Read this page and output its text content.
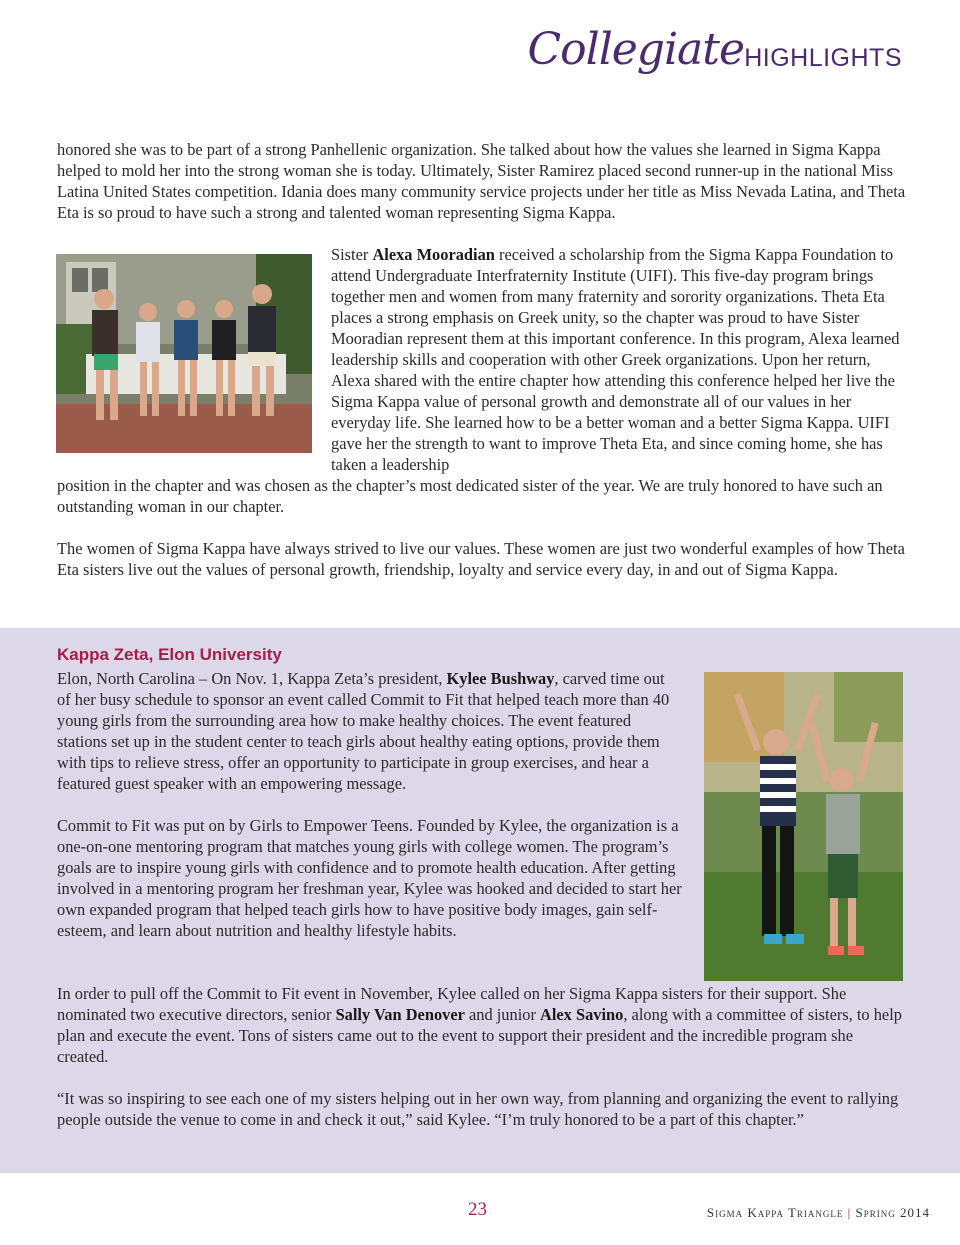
Collegiate HIGHLIGHTS

honored she was to be part of a strong Panhellenic organization. She talked about how the values she learned in Sigma Kappa helped to mold her into the strong woman she is today. Ultimately, Sister Ramirez placed second runner-up in the national Miss Latina United States competition. Idania does many community service projects under her title as Miss Nevada Latina, and Theta Eta is so proud to have such a strong and talented woman representing Sigma Kappa.

Sister Alexa Mooradian received a scholarship from the Sigma Kappa Foundation to attend Undergraduate Interfraternity Institute (UIFI). This five-day program brings together men and women from many fraternity and sorority organizations. Theta Eta places a strong emphasis on Greek unity, so the chapter was proud to have Sister Mooradian represent them at this important conference. In this program, Alexa learned leadership skills and cooperation with other Greek organizations. Upon her return, Alexa shared with the entire chapter how attending this conference helped her live the Sigma Kappa value of personal growth and demonstrate all of our values in her everyday life. She learned how to be a better woman and a better Sigma Kappa. UIFI gave her the strength to want to improve Theta Eta, and since coming home, she has taken a leadership

position in the chapter and was chosen as the chapter’s most dedicated sister of the year. We are truly honored to have such an outstanding woman in our chapter.

The women of Sigma Kappa have always strived to live our values. These women are just two wonderful examples of how Theta Eta sisters live out the values of personal growth, friendship, loyalty and service every day, in and out of Sigma Kappa.

Kappa Zeta, Elon University

Elon, North Carolina – On Nov. 1, Kappa Zeta’s president, Kylee Bushway, carved time out of her busy schedule to sponsor an event called Commit to Fit that helped teach more than 40 young girls from the surrounding area how to make healthy choices. The event featured stations set up in the student center to teach girls about healthy eating options, provide them with tips to relieve stress, offer an opportunity to participate in group exercises, and hear a featured guest speaker with an empowering message.

Commit to Fit was put on by Girls to Empower Teens. Founded by Kylee, the organization is a one-on-one mentoring program that matches young girls with college women. The program’s goals are to inspire young girls with confidence and to promote health education. After getting involved in a mentoring program her freshman year, Kylee was hooked and decided to start her own expanded program that helped teach girls how to have positive body images, gain self-esteem, and learn about nutrition and healthy lifestyle habits.

In order to pull off the Commit to Fit event in November, Kylee called on her Sigma Kappa sisters for their support. She nominated two executive directors, senior Sally Van Denover and junior Alex Savino, along with a committee of sisters, to help plan and execute the event. Tons of sisters came out to the event to support their president and the incredible program she created.

“It was so inspiring to see each one of my sisters helping out in her own way, from planning and organizing the event to rallying people outside the venue to come in and check it out,” said Kylee. “I’m truly honored to be a part of this chapter.”

23	Sigma Kappa Triangle | Spring 2014
